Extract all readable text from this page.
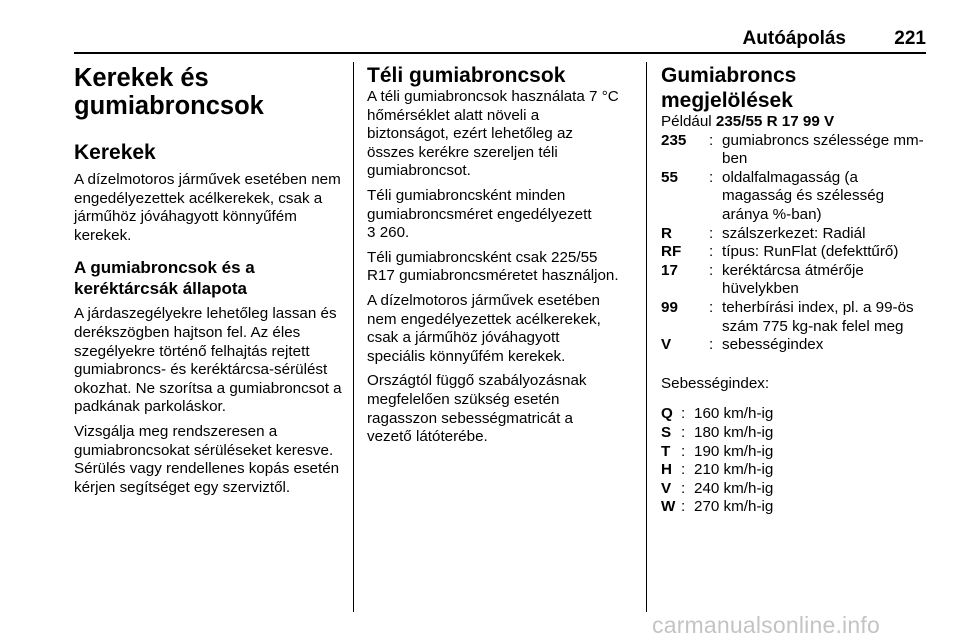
Autóápolás	221
Kerekek és gumiabroncsok
Kerekek
A dízelmotoros járművek esetében nem engedélyezettek acélkerekek, csak a járműhöz jóváhagyott könnyűfém kerekek.
A gumiabroncsok és a keréktárcsák állapota
A járdaszegélyekre lehetőleg lassan és derékszögben hajtson fel. Az éles szegélyekre történő felhajtás rejtett gumiabroncs- és keréktárcsa-sérülést okozhat. Ne szorítsa a gumiabroncsot a padkának parkoláskor.
Vizsgálja meg rendszeresen a gumiabroncsokat sérüléseket keresve. Sérülés vagy rendellenes kopás esetén kérjen segítséget egy szerviztől.
Téli gumiabroncsok
A téli gumiabroncsok használata 7 °C hőmérséklet alatt növeli a biztonságot, ezért lehetőleg az összes kerékre szereljen téli gumiabroncsot.
Téli gumiabroncsként minden gumiabroncsméret engedélyezett
3 260.
Téli gumiabroncsként csak 225/55 R17 gumiabroncsméretet használjon.
A dízelmotoros járművek esetében nem engedélyezettek acélkerekek, csak a járműhöz jóváhagyott speciális könnyűfém kerekek.
Országtól függő szabályozásnak megfelelően szükség esetén ragasszon sebességmatricát a vezető látóterébe.
Gumiabroncs megjelölések
Például 235/55 R 17 99 V
235	: gumiabroncs szélessége mm-ben
55	: oldalfalmagasság (a magasság és szélesség aránya %-ban)
R	: szálszerkezet: Radiál
RF	: típus: RunFlat (defekttűrő)
17	: keréktárcsa átmérője hüvelykben
99	: teherbírási index, pl. a 99-ös szám 775 kg-nak felel meg
V	: sebességindex
Sebességindex:
Q : 160 km/h-ig
S : 180 km/h-ig
T : 190 km/h-ig
H : 210 km/h-ig
V : 240 km/h-ig
W : 270 km/h-ig
carmanualsonline.info
